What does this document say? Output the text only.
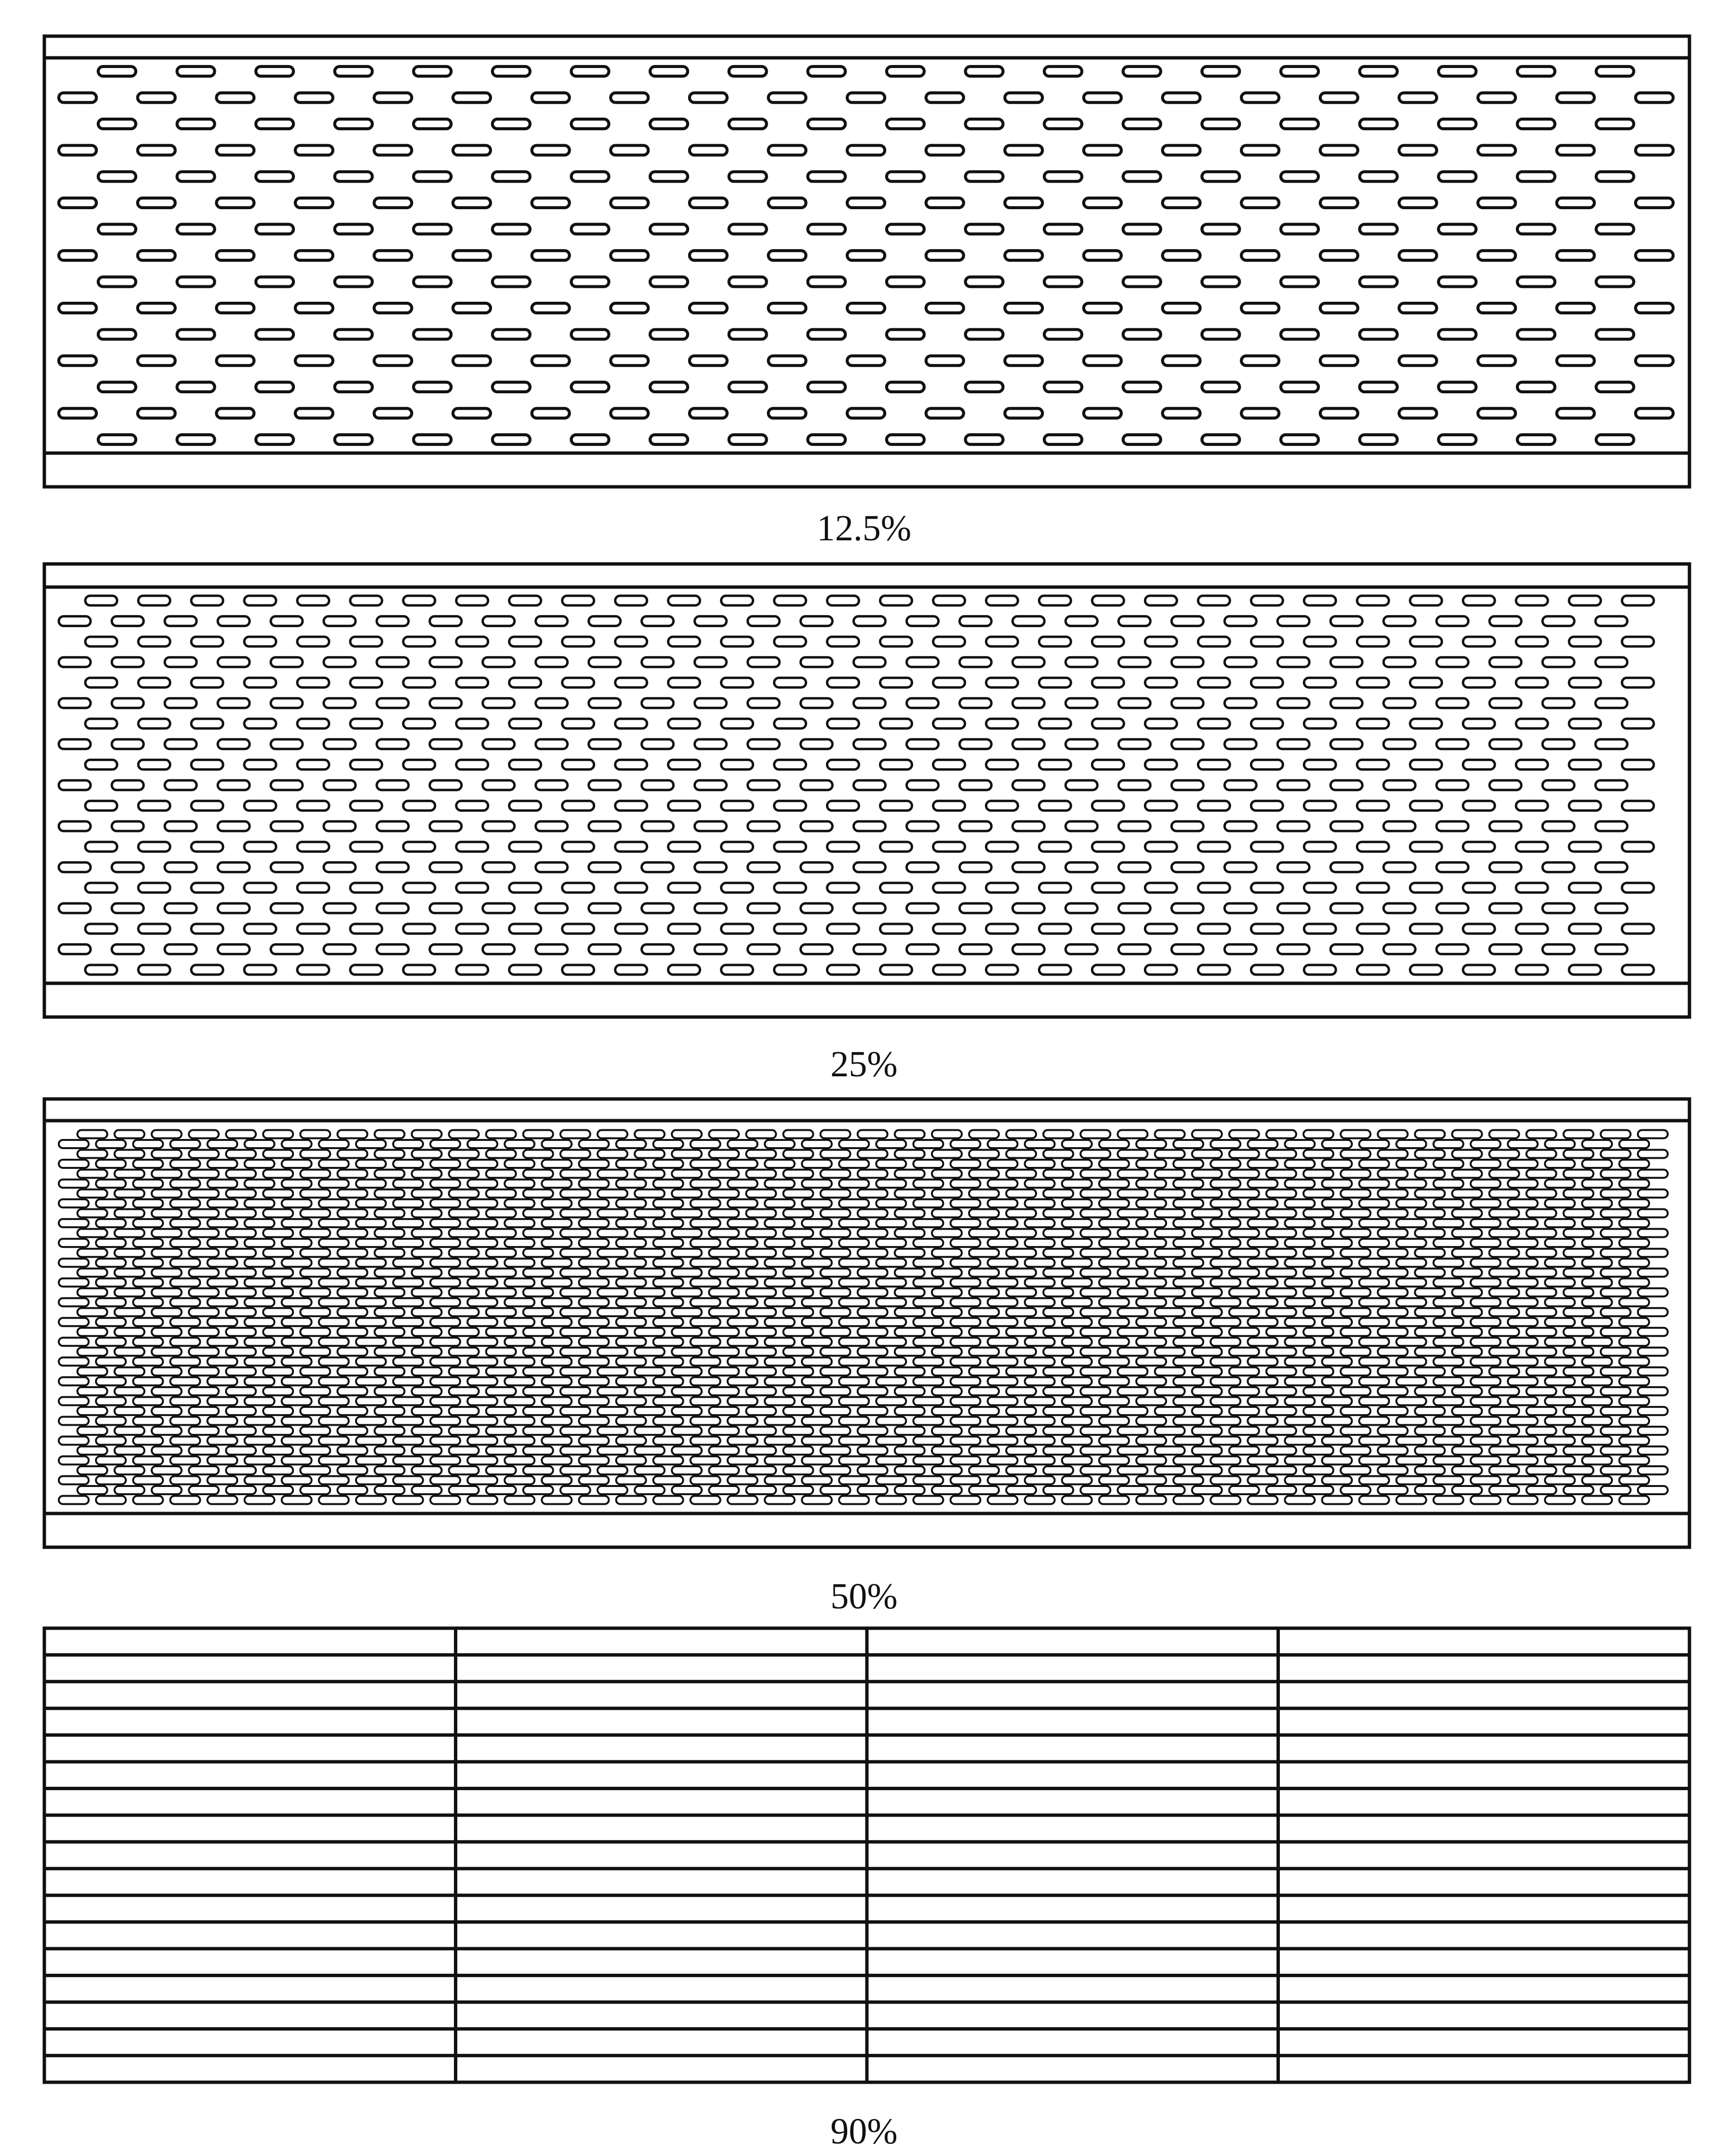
12.5%
25%
50%
90%
